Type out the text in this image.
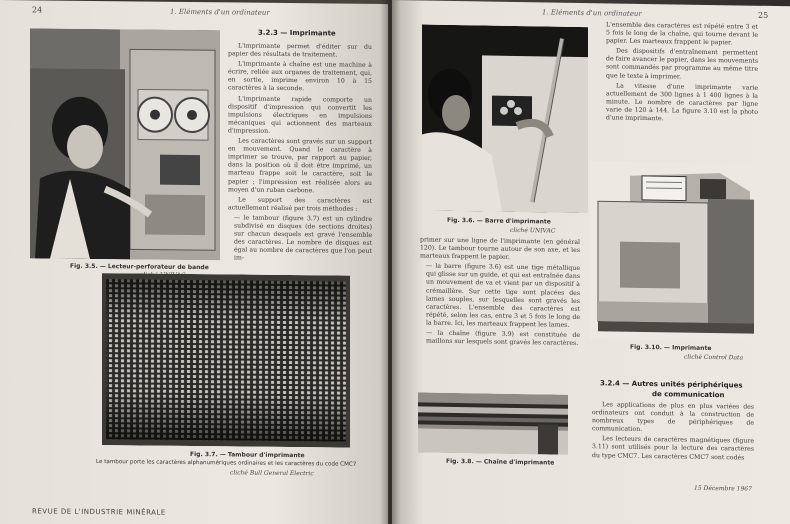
24	1. Eléments d'un ordinateur
Fig. 3.5. — Lecteur-perforateur de bande
3.2.3 — Imprimante

L'imprimante permet d'éditer sur du papier des résultats de traitement.

L'imprimante à chaîne est une machine à écrire, reliée aux organes de traitement, qui, en sortie, imprime environ 10 à 15 caractères à la seconde.

L'imprimante rapide comporte un dispositif d'impression qui convertit les impulsions électriques en impulsions mécaniques qui actionnent des marteaux d'impression.

Les caractères sont gravés sur un support en mouvement. Quand le caractère à imprimer se trouve, par rapport au papier, dans la position où il doit être imprimé, un marteau frappe soit le caractère, soit le papier ; l'impression est réalisée alors au moyen d'un ruban carbone.

Le support des caractères est actuellement réalisé par trois méthodes :

— le tambour (figure 3.7) est un cylindre subdivisé en disques (de sections droites) sur chacun desquels est gravé l'ensemble des caractères. Le nombre de disques est égal au nombre de caractères que l'on peut im-

Fig. 3.7. — Tambour d'imprimante
Le tambour porte les caractères alphanumériques ordinaires et les caractères du code CMC7
cliché Bull General Electric
REVUE DE L'INDUSTRIE MINÉRALE
1. Eléments d'un ordinateur	25
Fig. 3.6. — Barre d'imprimante
cliché UNIVAC

L'ensemble des caractères est répété entre 3 et 5 fois le long de la chaîne, qui tourne devant le papier. Les marteaux frappent le papier.

Des dispositifs d'entraînement permettent de faire avancer le papier, dans les mouvements sont commandés par programme au même titre que le texte à imprimer.

La vitesse d'une imprimante varie actuellement de 300 lignes à 1 400 lignes à la minute. Le nombre de caractères par ligne varie de 120 à 144. La figure 3.10 est la photo d'une imprimante.

Fig. 3.10. — Imprimante
cliché Control Data

primer sur une ligne de l'imprimante (en général 120). Le tambour tourne autour de son axe, et les marteaux frappent le papier.

— la barre (figure 3.6) est une tige métallique qui glisse sur un guide, et qui est entraînée dans un mouvement de va et vient par un dispositif à crémaillère. Sur cette tige sont placées des lames souples, sur lesquelles sont gravés les caractères. L'ensemble des caractères est répété, selon les cas, entre 3 et 5 fois le long de la barre. Ici, les marteaux frappent les lames.

— la chaîne (figure 3.9) est constituée de maillons sur lesquels sont gravés les caractères.

Fig. 3.8. — Chaîne d'imprimante
3.2.4 — Autres unités périphériques
de communication

Les applications de plus en plus variées des ordinateurs ont conduit à la construction de nombreux types de périphériques de communication.

Les lecteurs de caractères magnétiques (figure 3.11) sont utilisés pour la lecture des caractères du type CMC7. Les caractères CMC7 sont codés

15 Décembre 1967
